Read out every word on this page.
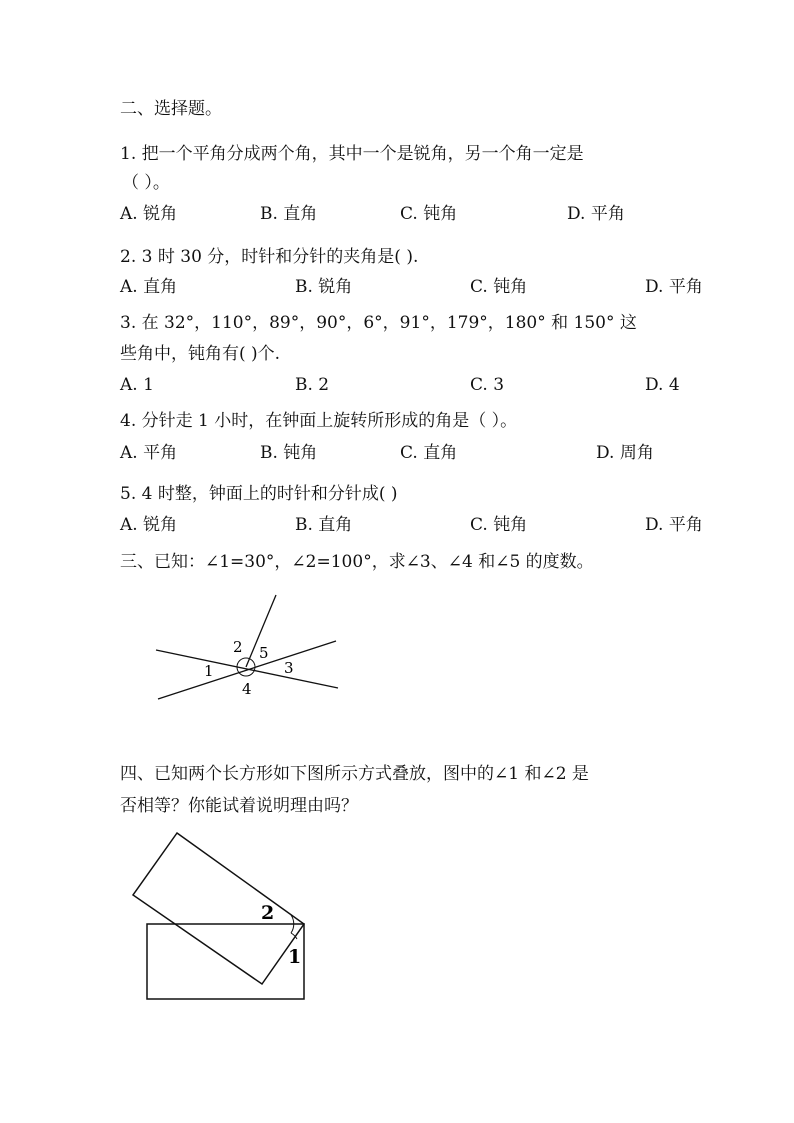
二、选择题。
1. 把一个平角分成两个角，其中一个是锐角，另一个角一定是
（ ）。
A. 锐角	B. 直角	C. 钝角	D. 平角
2. 3 时 30 分，时针和分针的夹角是( ).
A. 直角	B. 锐角	C. 钝角	D. 平角
3. 在 32°，110°，89°，90°，6°，91°，179°，180° 和 150° 这
些角中，钝角有( )个.
A. 1	B. 2	C. 3	D. 4
4. 分针走 1 小时，在钟面上旋转所形成的角是（ ）。
A. 平角	B. 钝角	C. 直角	D. 周角
5. 4 时整，钟面上的时针和分针成( )
A. 锐角	B. 直角	C. 钝角	D. 平角
三、已知：∠1=30°，∠2=100°，求∠3、∠4 和∠5 的度数。
1
2
3
4
5
四、已知两个长方形如下图所示方式叠放，图中的∠1 和∠2 是
否相等？你能试着说明理由吗？
2
1
